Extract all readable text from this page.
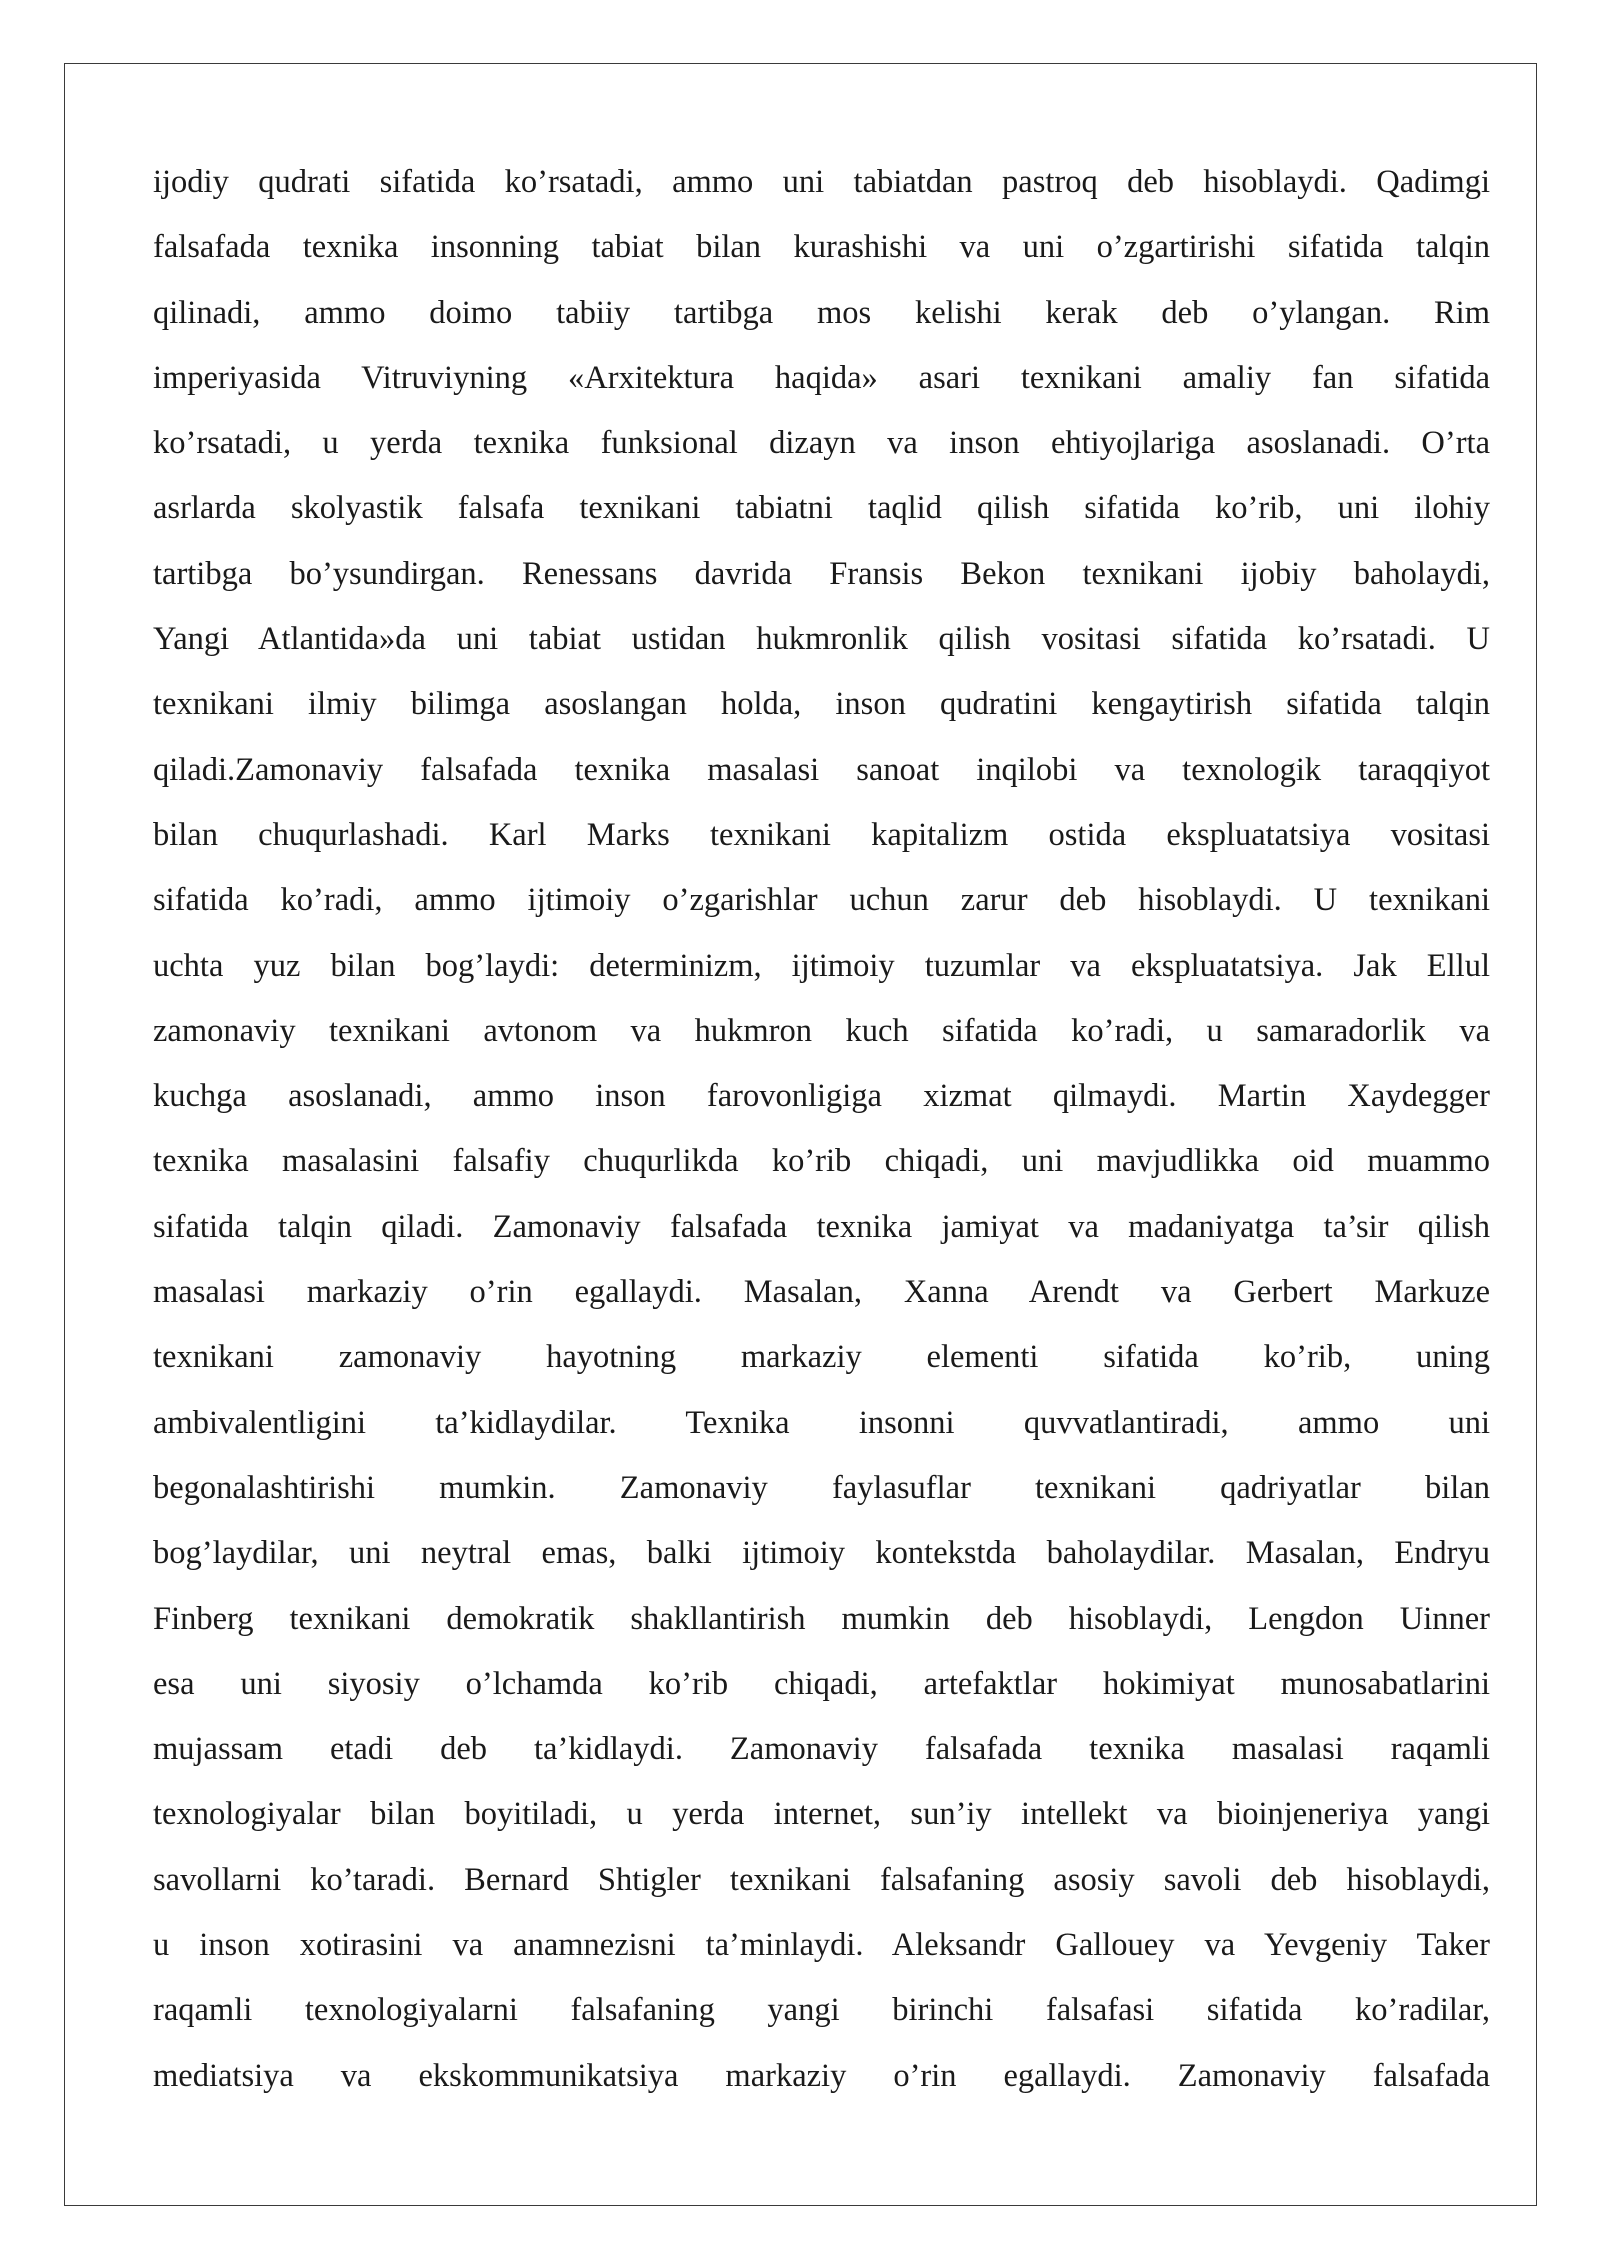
ijodiy qudrati sifatida ko’rsatadi, ammo uni tabiatdan pastroq deb hisoblaydi. Qadimgi
falsafada texnika insonning tabiat bilan kurashishi va uni o’zgartirishi sifatida talqin
qilinadi, ammo doimo tabiiy tartibga mos kelishi kerak deb o’ylangan. Rim
imperiyasida Vitruviyning «Arxitektura haqida» asari texnikani amaliy fan sifatida
ko’rsatadi, u yerda texnika funksional dizayn va inson ehtiyojlariga asoslanadi. O’rta
asrlarda skolyastik falsafa texnikani tabiatni taqlid qilish sifatida ko’rib, uni ilohiy
tartibga bo’ysundirgan. Renessans davrida Fransis Bekon texnikani ijobiy baholaydi,
Yangi Atlantida»da uni tabiat ustidan hukmronlik qilish vositasi sifatida ko’rsatadi. U
texnikani ilmiy bilimga asoslangan holda, inson qudratini kengaytirish sifatida talqin
qiladi.Zamonaviy falsafada texnika masalasi sanoat inqilobi va texnologik taraqqiyot
bilan chuqurlashadi. Karl Marks texnikani kapitalizm ostida ekspluatatsiya vositasi
sifatida ko’radi, ammo ijtimoiy o’zgarishlar uchun zarur deb hisoblaydi. U texnikani
uchta yuz bilan bog’laydi: determinizm, ijtimoiy tuzumlar va ekspluatatsiya. Jak Ellul
zamonaviy texnikani avtonom va hukmron kuch sifatida ko’radi, u samaradorlik va
kuchga asoslanadi, ammo inson farovonligiga xizmat qilmaydi. Martin Xaydegger
texnika masalasini falsafiy chuqurlikda ko’rib chiqadi, uni mavjudlikka oid muammo
sifatida talqin qiladi. Zamonaviy falsafada texnika jamiyat va madaniyatga ta’sir qilish
masalasi markaziy o’rin egallaydi. Masalan, Xanna Arendt va Gerbert Markuze
texnikani zamonaviy hayotning markaziy elementi sifatida ko’rib, uning
ambivalentligini ta’kidlaydilar. Texnika insonni quvvatlantiradi, ammo uni
begonalashtirishi mumkin. Zamonaviy faylasuflar texnikani qadriyatlar bilan
bog’laydilar, uni neytral emas, balki ijtimoiy kontekstda baholaydilar. Masalan, Endryu
Finberg texnikani demokratik shakllantirish mumkin deb hisoblaydi, Lengdon Uinner
esa uni siyosiy o’lchamda ko’rib chiqadi, artefaktlar hokimiyat munosabatlarini
mujassam etadi deb ta’kidlaydi. Zamonaviy falsafada texnika masalasi raqamli
texnologiyalar bilan boyitiladi, u yerda internet, sun’iy intellekt va bioinjeneriya yangi
savollarni ko’taradi. Bernard Shtigler texnikani falsafaning asosiy savoli deb hisoblaydi,
u inson xotirasini va anamnezisni ta’minlaydi. Aleksandr Gallouey va Yevgeniy Taker
raqamli texnologiyalarni falsafaning yangi birinchi falsafasi sifatida ko’radilar,
mediatsiya va ekskommunikatsiya markaziy o’rin egallaydi. Zamonaviy falsafada
